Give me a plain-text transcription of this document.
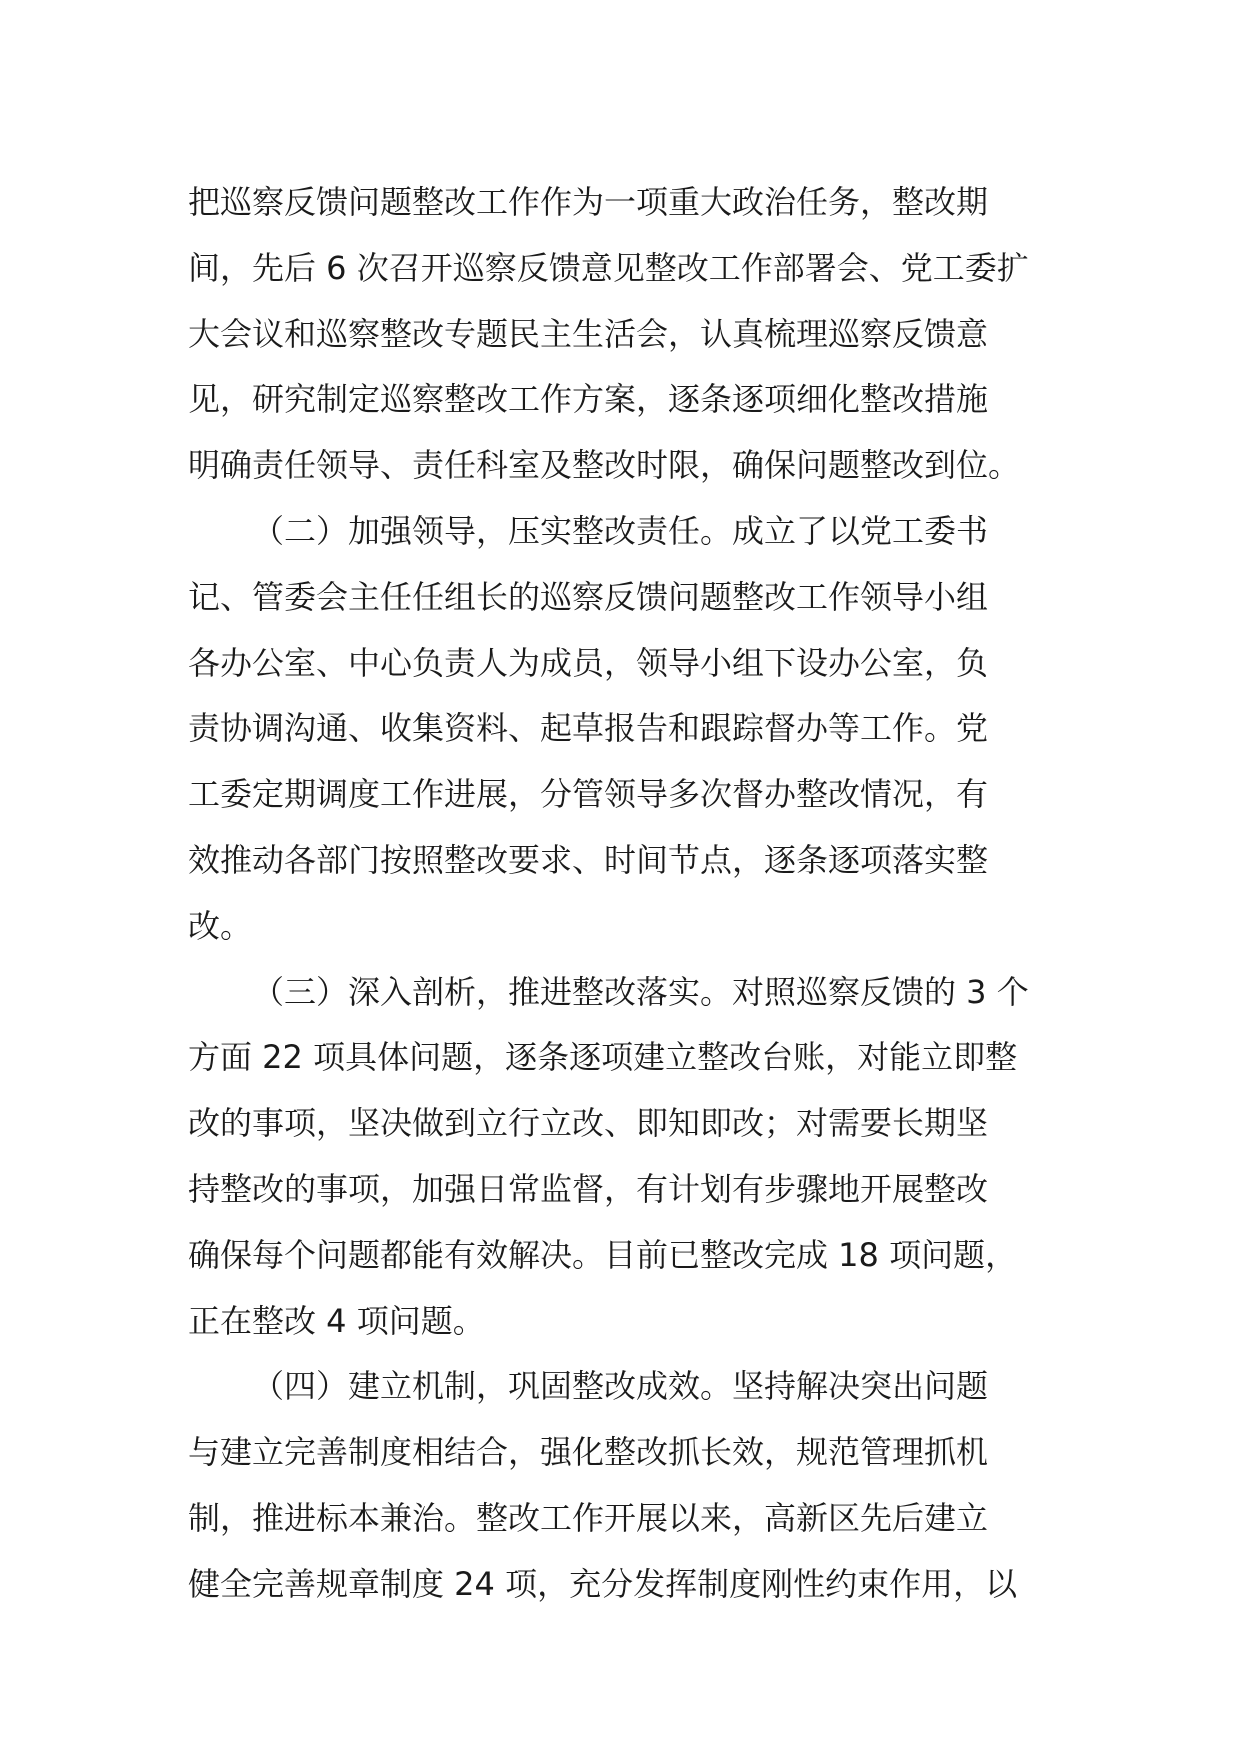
把巡察反馈问题整改工作作为一项重大政治任务，整改期
间，先后 6 次召开巡察反馈意见整改工作部署会、党工委扩
大会议和巡察整改专题民主生活会，认真梳理巡察反馈意
见，研究制定巡察整改工作方案，逐条逐项细化整改措施
明确责任领导、责任科室及整改时限，确保问题整改到位。
（二）加强领导，压实整改责任。成立了以党工委书
记、管委会主任任组长的巡察反馈问题整改工作领导小组
各办公室、中心负责人为成员，领导小组下设办公室，负
责协调沟通、收集资料、起草报告和跟踪督办等工作。党
工委定期调度工作进展，分管领导多次督办整改情况，有
效推动各部门按照整改要求、时间节点，逐条逐项落实整
改。
（三）深入剖析，推进整改落实。对照巡察反馈的 3 个
方面 22 项具体问题，逐条逐项建立整改台账，对能立即整
改的事项，坚决做到立行立改、即知即改；对需要长期坚
持整改的事项，加强日常监督，有计划有步骤地开展整改
确保每个问题都能有效解决。目前已整改完成 18 项问题，
正在整改 4 项问题。
（四）建立机制，巩固整改成效。坚持解决突出问题
与建立完善制度相结合，强化整改抓长效，规范管理抓机
制，推进标本兼治。整改工作开展以来，高新区先后建立
健全完善规章制度 24 项，充分发挥制度刚性约束作用，以
